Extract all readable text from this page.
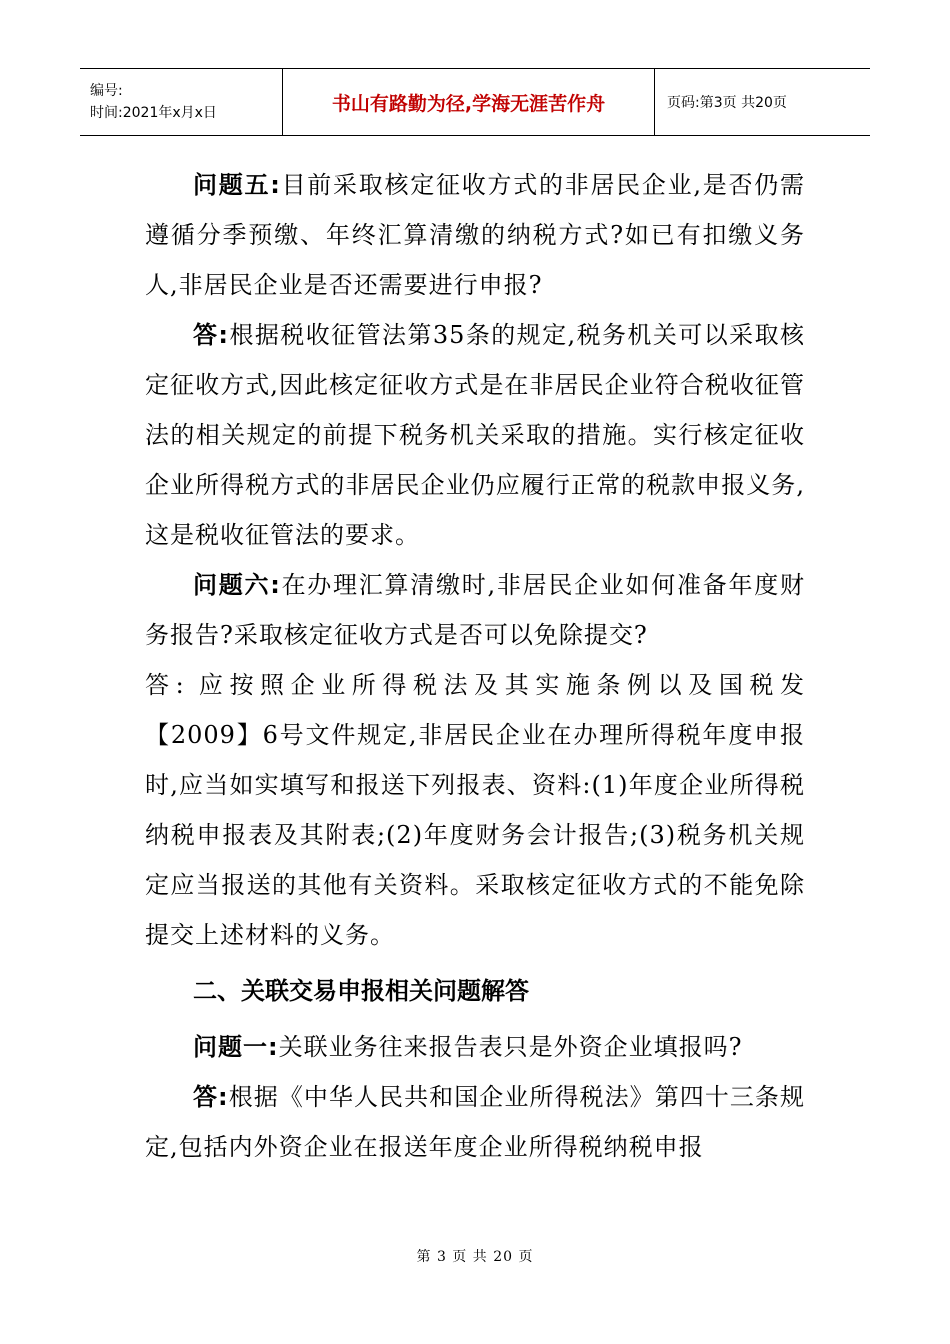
编号:
时间:2021年x月x日	书山有路勤为径,学海无涯苦作舟	页码:第3页 共20页

问题五:目前采取核定征收方式的非居民企业,是否仍需遵循分季预缴、年终汇算清缴的纳税方式?如已有扣缴义务人,非居民企业是否还需要进行申报?

答:根据税收征管法第35条的规定,税务机关可以采取核定征收方式,因此核定征收方式是在非居民企业符合税收征管法的相关规定的前提下税务机关采取的措施。实行核定征收企业所得税方式的非居民企业仍应履行正常的税款申报义务,这是税收征管法的要求。

问题六:在办理汇算清缴时,非居民企业如何准备年度财务报告?采取核定征收方式是否可以免除提交?

答: 应按照企业所得税法及其实施条例以及国税发

【2009】6号文件规定,非居民企业在办理所得税年度申报时,应当如实填写和报送下列报表、资料:(1)年度企业所得税纳税申报表及其附表;(2)年度财务会计报告;(3)税务机关规定应当报送的其他有关资料。采取核定征收方式的不能免除提交上述材料的义务。

二、关联交易申报相关问题解答

问题一:关联业务往来报告表只是外资企业填报吗?

答:根据《中华人民共和国企业所得税法》第四十三条规定,包括内外资企业在报送年度企业所得税纳税申报

第 3 页 共 20 页
